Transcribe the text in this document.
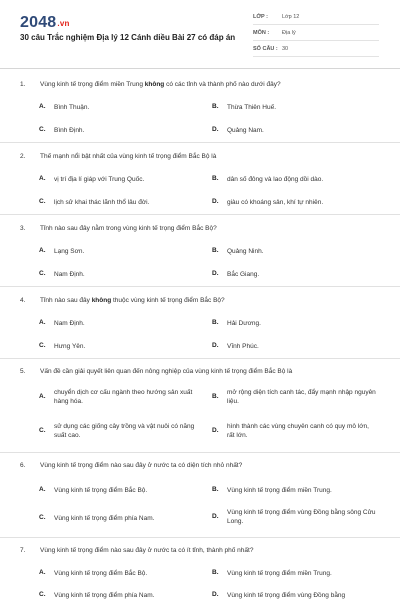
2048.vn
30 câu Trắc nghiệm Địa lý 12 Cánh diều Bài 27 có đáp án
LỚP :	Lớp 12
MÔN : Địa lý
SỐ CÂU : 30
1. Vùng kinh tế trọng điểm miền Trung không có các tỉnh và thành phố nào dưới đây?
A. Bình Thuận.	B. Thừa Thiên Huế.
C. Bình Định.	D. Quảng Nam.
2. Thế mạnh nổi bật nhất của vùng kinh tế trọng điểm Bắc Bộ là
A. vị trí địa lí giáp với Trung Quốc.	B. dân số đông và lao động dồi dào.
C. lịch sử khai thác lãnh thổ lâu đời.	D. giàu có khoáng sản, khí tự nhiên.
3. Tỉnh nào sau đây nằm trong vùng kinh tế trọng điểm Bắc Bộ?
A. Lạng Sơn.	B. Quảng Ninh.
C. Nam Định.	D. Bắc Giang.
4. Tỉnh nào sau đây không thuộc vùng kinh tế trọng điểm Bắc Bộ?
A. Nam Định.	B. Hải Dương.
C. Hưng Yên.	D. Vĩnh Phúc.
5. Vấn đề cần giải quyết liên quan đến nông nghiệp của vùng kinh tế trọng điểm Bắc Bộ là
A.
chuyển dịch cơ cấu ngành theo hướng sản xuất hàng hóa.
B.
mở rộng diện tích canh tác, đẩy mạnh nhập nguyên liệu.
C.
sử dụng các giống cây trồng và vật nuôi có năng suất cao.
D.
hình thành các vùng chuyên canh có quy mô lớn, rất lớn.
6. Vùng kinh tế trọng điểm nào sau đây ở nước ta có diện tích nhỏ nhất?
A. Vùng kinh tế trọng điểm Bắc Bộ.	B. Vùng kinh tế trọng điểm miền Trung.
C. Vùng kinh tế trọng điểm phía Nam.	D.
Vùng kinh tế trọng điểm vùng Đồng bằng sông Cửu Long.
7. Vùng kinh tế trọng điểm nào sau đây ở nước ta có ít tỉnh, thành phố nhất?
A. Vùng kinh tế trọng điểm Bắc Bộ.	B. Vùng kinh tế trọng điểm miền Trung.
C. Vùng kinh tế trọng điểm phía Nam.	D. Vùng kinh tế trọng điểm vùng Đồng bằng
